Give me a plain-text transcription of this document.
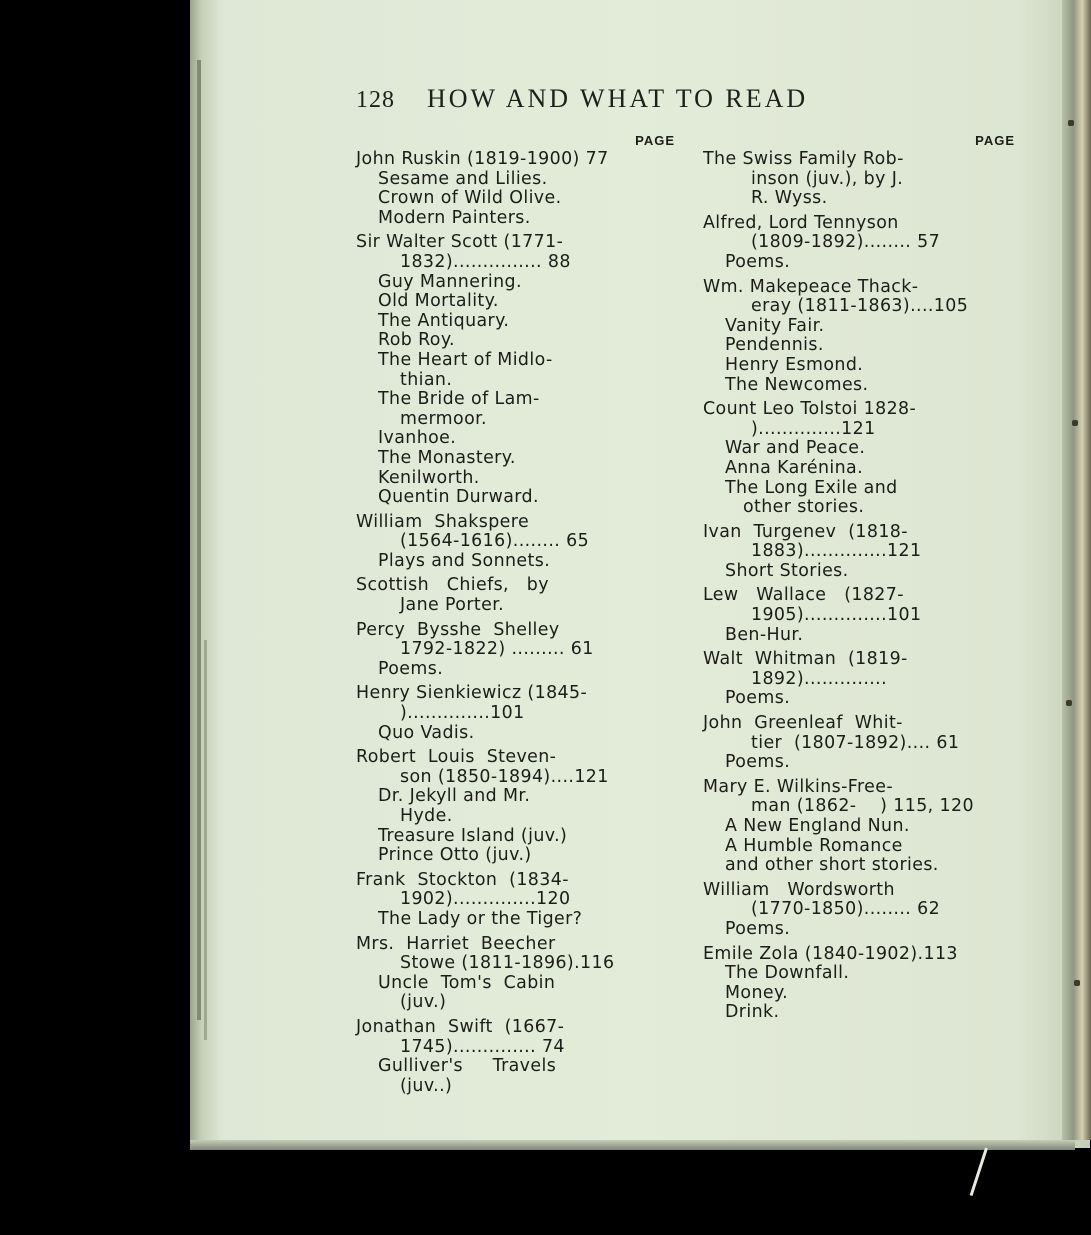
128 HOW AND WHAT TO READ
PAGE
John Ruskin (1819-1900) 77
Sesame and Lilies.
Crown of Wild Olive.
Modern Painters.
Sir Walter Scott (1771-
1832)............... 88
Guy Mannering.
Old Mortality.
The Antiquary.
Rob Roy.
The Heart of Midlo-
thian.
The Bride of Lam-
mermoor.
Ivanhoe.
The Monastery.
Kenilworth.
Quentin Durward.
William  Shakspere
(1564-1616)........ 65
Plays and Sonnets.
Scottish   Chiefs,   by
Jane Porter.
Percy  Bysshe  Shelley
1792-1822) ......... 61
Poems.
Henry Sienkiewicz (1845-
)..............101
Quo Vadis.
Robert  Louis  Steven-
son (1850-1894)....121
Dr. Jekyll and Mr.
Hyde.
Treasure Island (juv.)
Prince Otto (juv.)
Frank  Stockton  (1834-
1902)..............120
The Lady or the Tiger?
Mrs.  Harriet  Beecher
Stowe (1811-1896).116
Uncle  Tom's  Cabin
(juv.)
Jonathan  Swift  (1667-
1745).............. 74
Gulliver's     Travels
(juv..)
PAGE
The Swiss Family Rob-
inson (juv.), by J.
R. Wyss.
Alfred, Lord Tennyson
(1809-1892)........ 57
Poems.
Wm. Makepeace Thack-
eray (1811-1863)....105
Vanity Fair.
Pendennis.
Henry Esmond.
The Newcomes.
Count Leo Tolstoi 1828-
)..............121
War and Peace.
Anna Karénina.
The Long Exile and
other stories.
Ivan  Turgenev  (1818-
1883)..............121
Short Stories.
Lew   Wallace   (1827-
1905)..............101
Ben-Hur.
Walt  Whitman  (1819-
1892)..............
Poems.
John  Greenleaf  Whit-
tier  (1807-1892).... 61
Poems.
Mary E. Wilkins-Free-
man (1862-    ) 115, 120
A New England Nun.
A Humble Romance
and other short stories.
William   Wordsworth
(1770-1850)........ 62
Poems.
Emile Zola (1840-1902).113
The Downfall.
Money.
Drink.
